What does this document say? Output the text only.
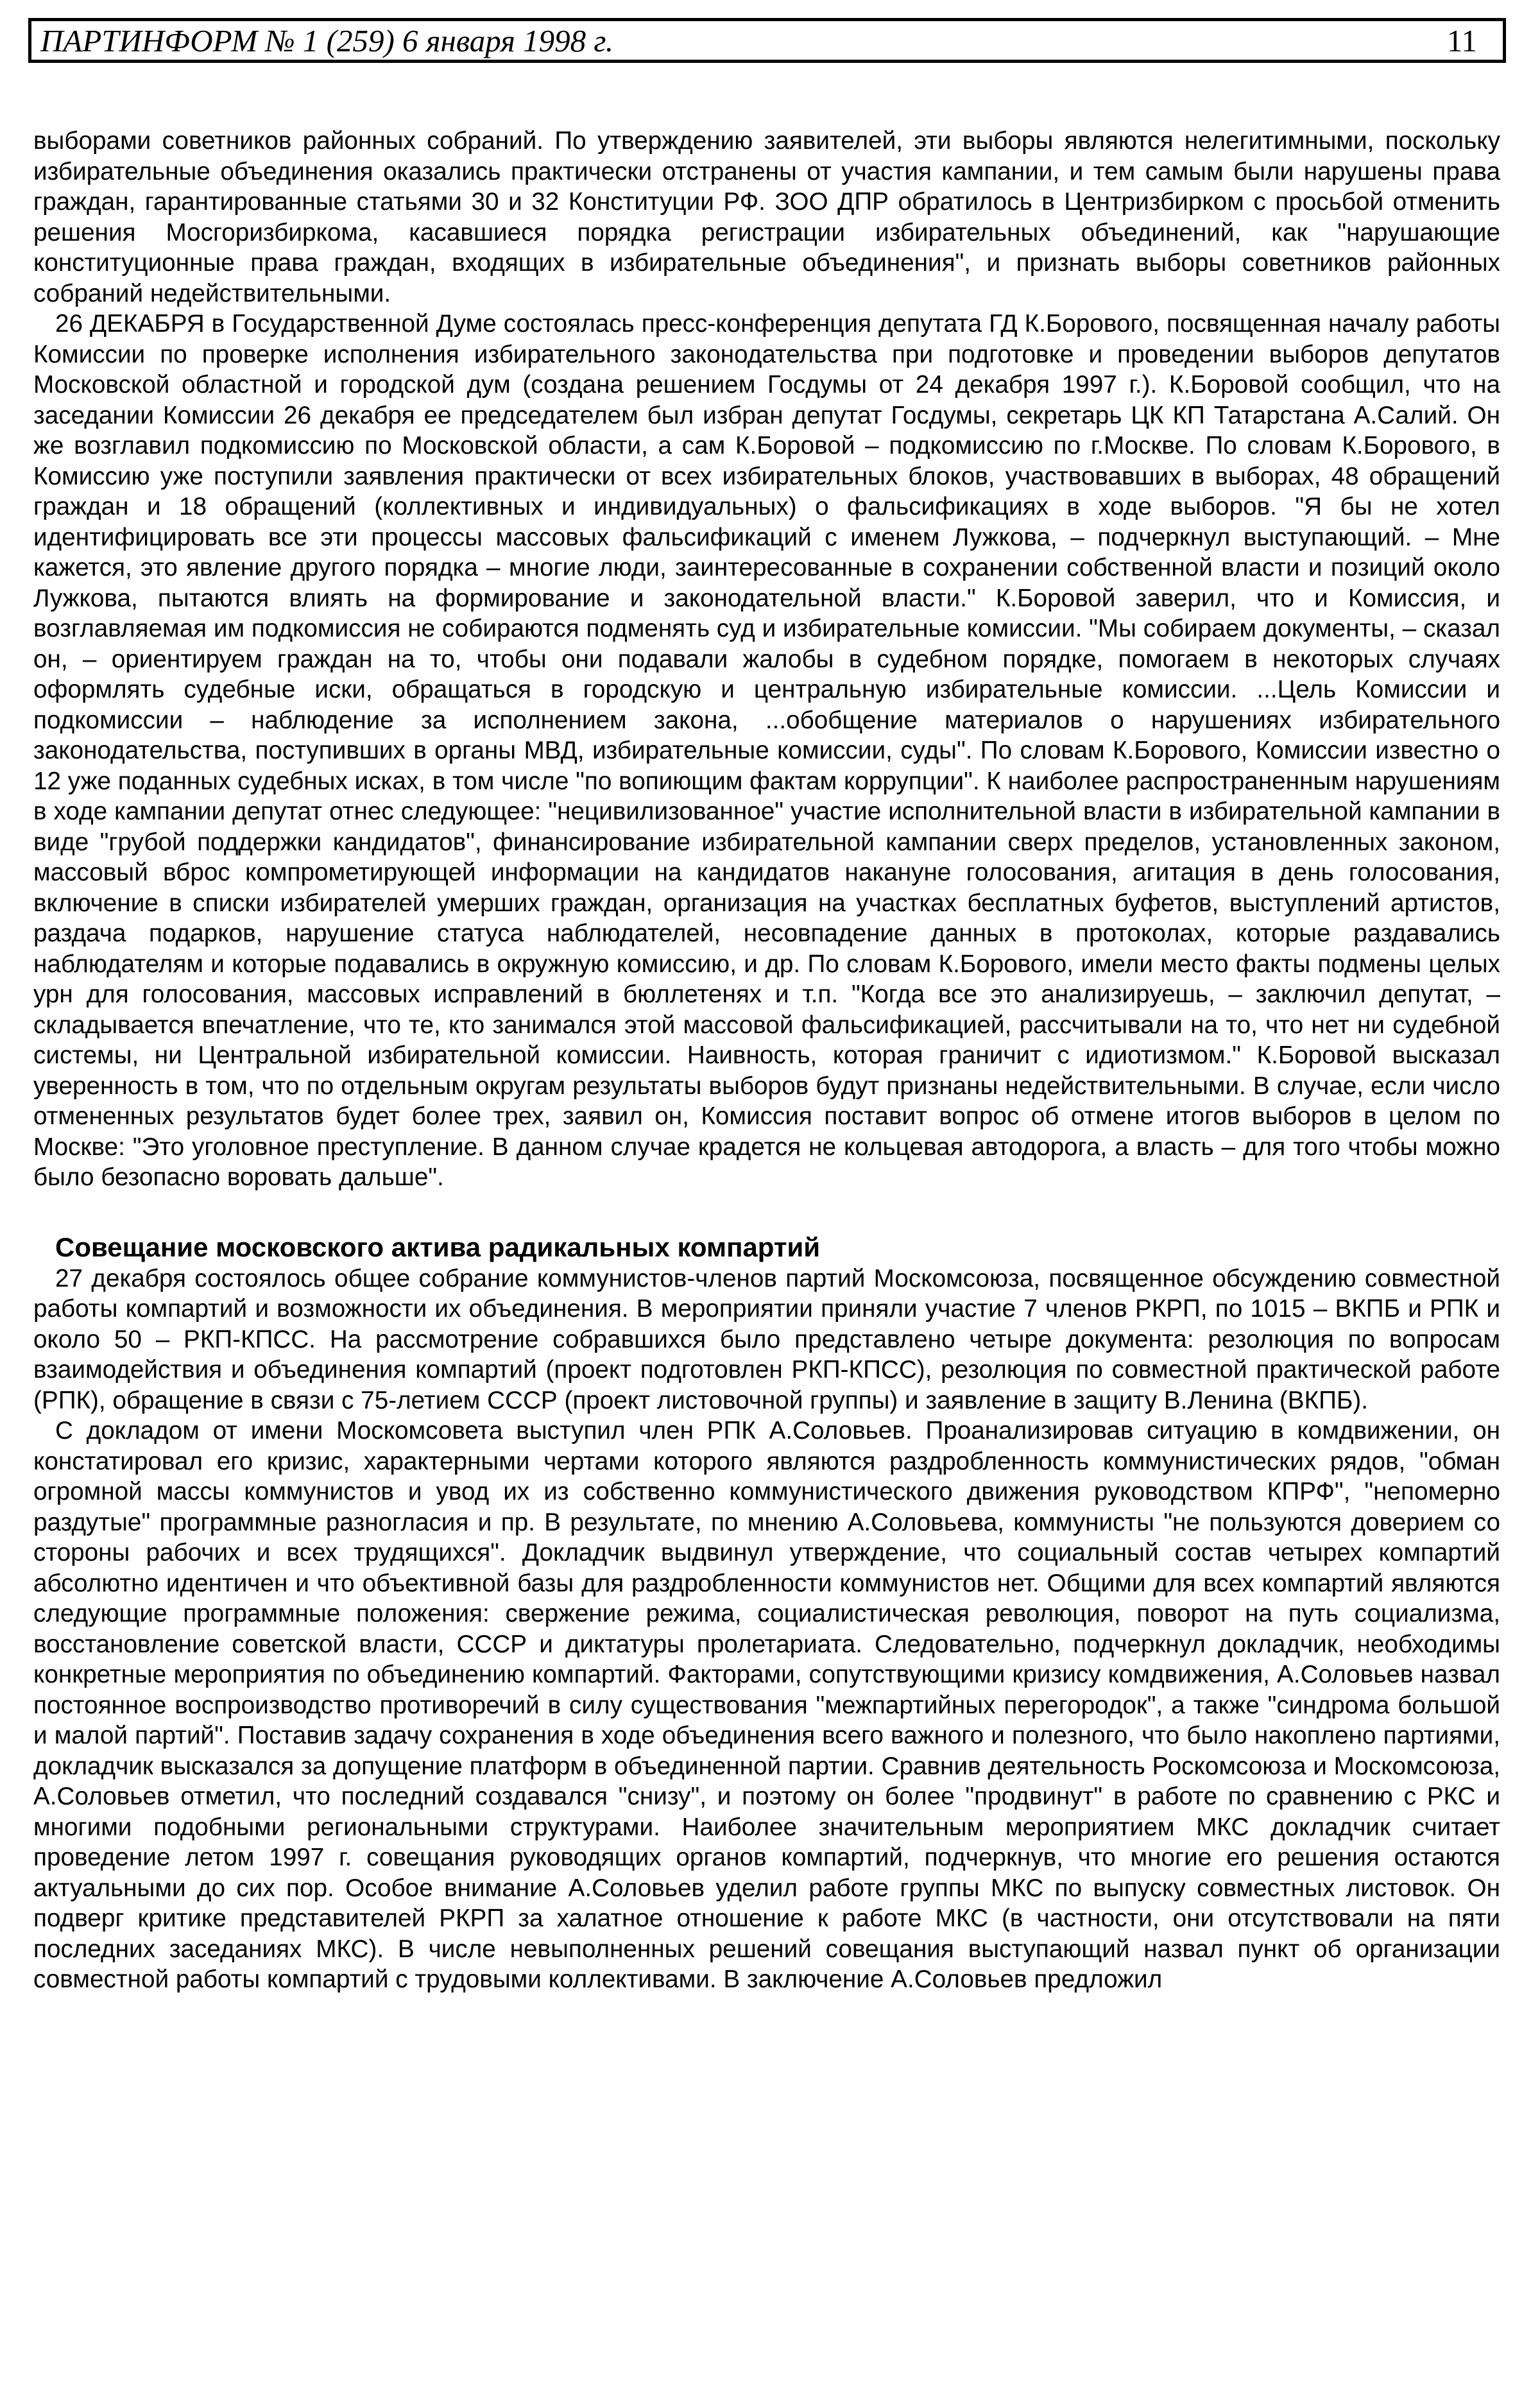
ПАРТИНФОРМ № 1 (259) 6 января 1998 г.	11

выборами советников районных собраний. По утверждению заявителей, эти выборы являются нелегитимными, поскольку избирательные объединения оказались практически отстранены от участия кампании, и тем самым были нарушены права граждан, гарантированные статьями 30 и 32 Конституции РФ. ЗОО ДПР обратилось в Центризбирком с просьбой отменить решения Мосгоризбиркома, касавшиеся порядка регистрации избирательных объединений, как "нарушающие конституционные права граждан, входящих в избирательные объединения", и признать выборы советников районных собраний недействительными.

26 ДЕКАБРЯ в Государственной Думе состоялась пресс-конференция депутата ГД К.Борового, посвященная началу работы Комиссии по проверке исполнения избирательного законодательства при подготовке и проведении выборов депутатов Московской областной и городской дум (создана решением Госдумы от 24 декабря 1997 г.). К.Боровой сообщил, что на заседании Комиссии 26 декабря ее председателем был избран депутат Госдумы, секретарь ЦК КП Татарстана А.Салий. Он же возглавил подкомиссию по Московской области, а сам К.Боровой – подкомиссию по г.Москве. По словам К.Борового, в Комиссию уже поступили заявления практически от всех избирательных блоков, участвовавших в выборах, 48 обращений граждан и 18 обращений (коллективных и индивидуальных) о фальсификациях в ходе выборов. "Я бы не хотел идентифицировать все эти процессы массовых фальсификаций с именем Лужкова, – подчеркнул выступающий. – Мне кажется, это явление другого порядка – многие люди, заинтересованные в сохранении собственной власти и позиций около Лужкова, пытаются влиять на формирование и законодательной власти." К.Боровой заверил, что и Комиссия, и возглавляемая им подкомиссия не собираются подменять суд и избирательные комиссии. "Мы собираем документы, – сказал он, – ориентируем граждан на то, чтобы они подавали жалобы в судебном порядке, помогаем в некоторых случаях оформлять судебные иски, обращаться в городскую и центральную избирательные комиссии. ...Цель Комиссии и подкомиссии – наблюдение за исполнением закона, ...обобщение материалов о нарушениях избирательного законодательства, поступивших в органы МВД, избирательные комиссии, суды". По словам К.Борового, Комиссии известно о 12 уже поданных судебных исках, в том числе "по вопиющим фактам коррупции". К наиболее распространенным нарушениям в ходе кампании депутат отнес следующее: "нецивилизованное" участие исполнительной власти в избирательной кампании в виде "грубой поддержки кандидатов", финансирование избирательной кампании сверх пределов, установленных законом, массовый вброс компрометирующей информации на кандидатов накануне голосования, агитация в день голосования, включение в списки избирателей умерших граждан, организация на участках бесплатных буфетов, выступлений артистов, раздача подарков, нарушение статуса наблюдателей, несовпадение данных в протоколах, которые раздавались наблюдателям и которые подавались в окружную комиссию, и др. По словам К.Борового, имели место факты подмены целых урн для голосования, массовых исправлений в бюллетенях и т.п. "Когда все это анализируешь, – заключил депутат, – складывается впечатление, что те, кто занимался этой массовой фальсификацией, рассчитывали на то, что нет ни судебной системы, ни Центральной избирательной комиссии. Наивность, которая граничит с идиотизмом." К.Боровой высказал уверенность в том, что по отдельным округам результаты выборов будут признаны недействительными. В случае, если число отмененных результатов будет более трех, заявил он, Комиссия поставит вопрос об отмене итогов выборов в целом по Москве: "Это уголовное преступление. В данном случае крадется не кольцевая автодорога, а власть – для того чтобы можно было безопасно воровать дальше".

Совещание московского актива радикальных компартий

27 декабря состоялось общее собрание коммунистов-членов партий Москомсоюза, посвященное обсуждению совместной работы компартий и возможности их объединения. В мероприятии приняли участие 7 членов РКРП, по 1015 – ВКПБ и РПК и около 50 – РКП-КПСС. На рассмотрение собравшихся было представлено четыре документа: резолюция по вопросам взаимодействия и объединения компартий (проект подготовлен РКП-КПСС), резолюция по совместной практической работе (РПК), обращение в связи с 75-летием СССР (проект листовочной группы) и заявление в защиту В.Ленина (ВКПБ).

С докладом от имени Москомсовета выступил член РПК А.Соловьев. Проанализировав ситуацию в комдвижении, он констатировал его кризис, характерными чертами которого являются раздробленность коммунистических рядов, "обман огромной массы коммунистов и увод их из собственно коммунистического движения руководством КПРФ", "непомерно раздутые" программные разногласия и пр. В результате, по мнению А.Соловьева, коммунисты "не пользуются доверием со стороны рабочих и всех трудящихся". Докладчик выдвинул утверждение, что социальный состав четырех компартий абсолютно идентичен и что объективной базы для раздробленности коммунистов нет. Общими для всех компартий являются следующие программные положения: свержение режима, социалистическая революция, поворот на путь социализма, восстановление советской власти, СССР и диктатуры пролетариата. Следовательно, подчеркнул докладчик, необходимы конкретные мероприятия по объединению компартий. Факторами, сопутствующими кризису комдвижения, А.Соловьев назвал постоянное воспроизводство противоречий в силу существования "межпартийных перегородок", а также "синдрома большой и малой партий". Поставив задачу сохранения в ходе объединения всего важного и полезного, что было накоплено партиями, докладчик высказался за допущение платформ в объединенной партии. Сравнив деятельность Роскомсоюза и Москомсоюза, А.Соловьев отметил, что последний создавался "снизу", и поэтому он более "продвинут" в работе по сравнению с РКС и многими подобными региональными структурами. Наиболее значительным мероприятием МКС докладчик считает проведение летом 1997 г. совещания руководящих органов компартий, подчеркнув, что многие его решения остаются актуальными до сих пор. Особое внимание А.Соловьев уделил работе группы МКС по выпуску совместных листовок. Он подверг критике представителей РКРП за халатное отношение к работе МКС (в частности, они отсутствовали на пяти последних заседаниях МКС). В числе невыполненных решений совещания выступающий назвал пункт об организации совместной работы компартий с трудовыми коллективами. В заключение А.Соловьев предложил
